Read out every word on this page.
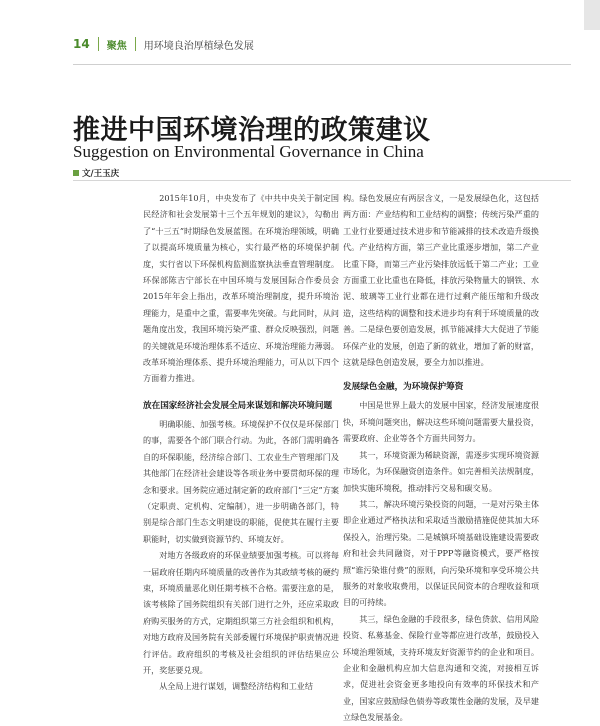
14 聚焦 用环境良治厚植绿色发展
推进中国环境治理的政策建议
Suggestion on Environmental Governance in China
文/王玉庆

2015年10月，中央发布了《中共中央关于制定国民经济和社会发展第十三个五年规划的建议》，勾勒出了“十三五”时期绿色发展蓝图。在环境治理领域，明确了以提高环境质量为核心，实行最严格的环境保护制度，实行省以下环保机构监测监察执法垂直管理制度。环保部陈吉宁部长在中国环境与发展国际合作委员会2015年年会上指出，改革环境治理制度，提升环境治理能力，是重中之重，需要率先突破。与此同时，从问题角度出发，我国环境污染严重、群众反映强烈，问题的关键就是环境治理体系不适应、环境治理能力薄弱。改革环境治理体系、提升环境治理能力，可从以下四个方面着力推进。

放在国家经济社会发展全局来谋划和解决环境问题

明确职能、加强考核。环境保护不仅仅是环保部门的事，需要各个部门联合行动。为此，各部门需明确各自的环保职能，经济综合部门、工农业生产管理部门及其他部门在经济社会建设等各项业务中要贯彻环保的理念和要求。国务院应通过制定新的政府部门“三定”方案（定职责、定机构、定编制），进一步明确各部门，特别是综合部门生态文明建设的职能，促使其在履行主要职能时，切实做到资源节约、环境友好。

对地方各级政府的环保业绩要加强考核。可以将每一届政府任期内环境质量的改善作为其政绩考核的硬约束，环境质量恶化则任期考核不合格。需要注意的是，该考核除了国务院组织有关部门进行之外，还应采取政府购买服务的方式，定期组织第三方社会组织和机构，对地方政府及国务院有关部委履行环境保护职责情况进行评估。政府组织的考核及社会组织的评估结果应公开，奖惩要兑现。

从全局上进行谋划，调整经济结构和工业结

构。绿色发展应有两层含义，一是发展绿色化，这包括两方面：产业结构和工业结构的调整；传统污染严重的工业行业要通过技术进步和节能减排的技术改造升级换代。产业结构方面，第三产业比重逐步增加，第二产业比重下降，而第三产业污染排放远低于第二产业；工业方面重工业比重也在降低，排放污染物量大的钢铁、水泥、玻璃等工业行业都在进行过剩产能压缩和升级改造，这些结构的调整和技术进步均有利于环境质量的改善。二是绿色要创造发展，抓节能减排大大促进了节能环保产业的发展，创造了新的就业，增加了新的财富，这就是绿色创造发展，要全力加以推进。

发展绿色金融，为环境保护筹资

中国是世界上最大的发展中国家，经济发展速度很快，环境问题突出，解决这些环境问题需要大量投资，需要政府、企业等各个方面共同努力。

其一，环境资源为稀缺资源，需逐步实现环境资源市场化，为环保融资创造条件。如完善相关法规制度，加快实施环境税，推动排污交易和碳交易。

其二，解决环境污染投资的问题，一是对污染主体即企业通过严格执法和采取适当激励措施促使其加大环保投入，治理污染。二是城镇环境基础设施建设需要政府和社会共同融资，对于PPP等融资模式，要严格按照“谁污染谁付费”的原则，向污染环境和享受环境公共服务的对象收取费用，以保证民间资本的合理收益和项目的可持续。

其三，绿色金融的手段很多，绿色贷款、信用风险投资、私募基金、保险行业等都应进行改革，鼓励投入环境治理领域，支持环境友好资源节约的企业和项目。企业和金融机构应加大信息沟通和交流，对接相互诉求，促进社会资金更多地投向有效率的环保技术和产业，国家应鼓励绿色债券等政策性金融的发展，及早建立绿色发展基金。
